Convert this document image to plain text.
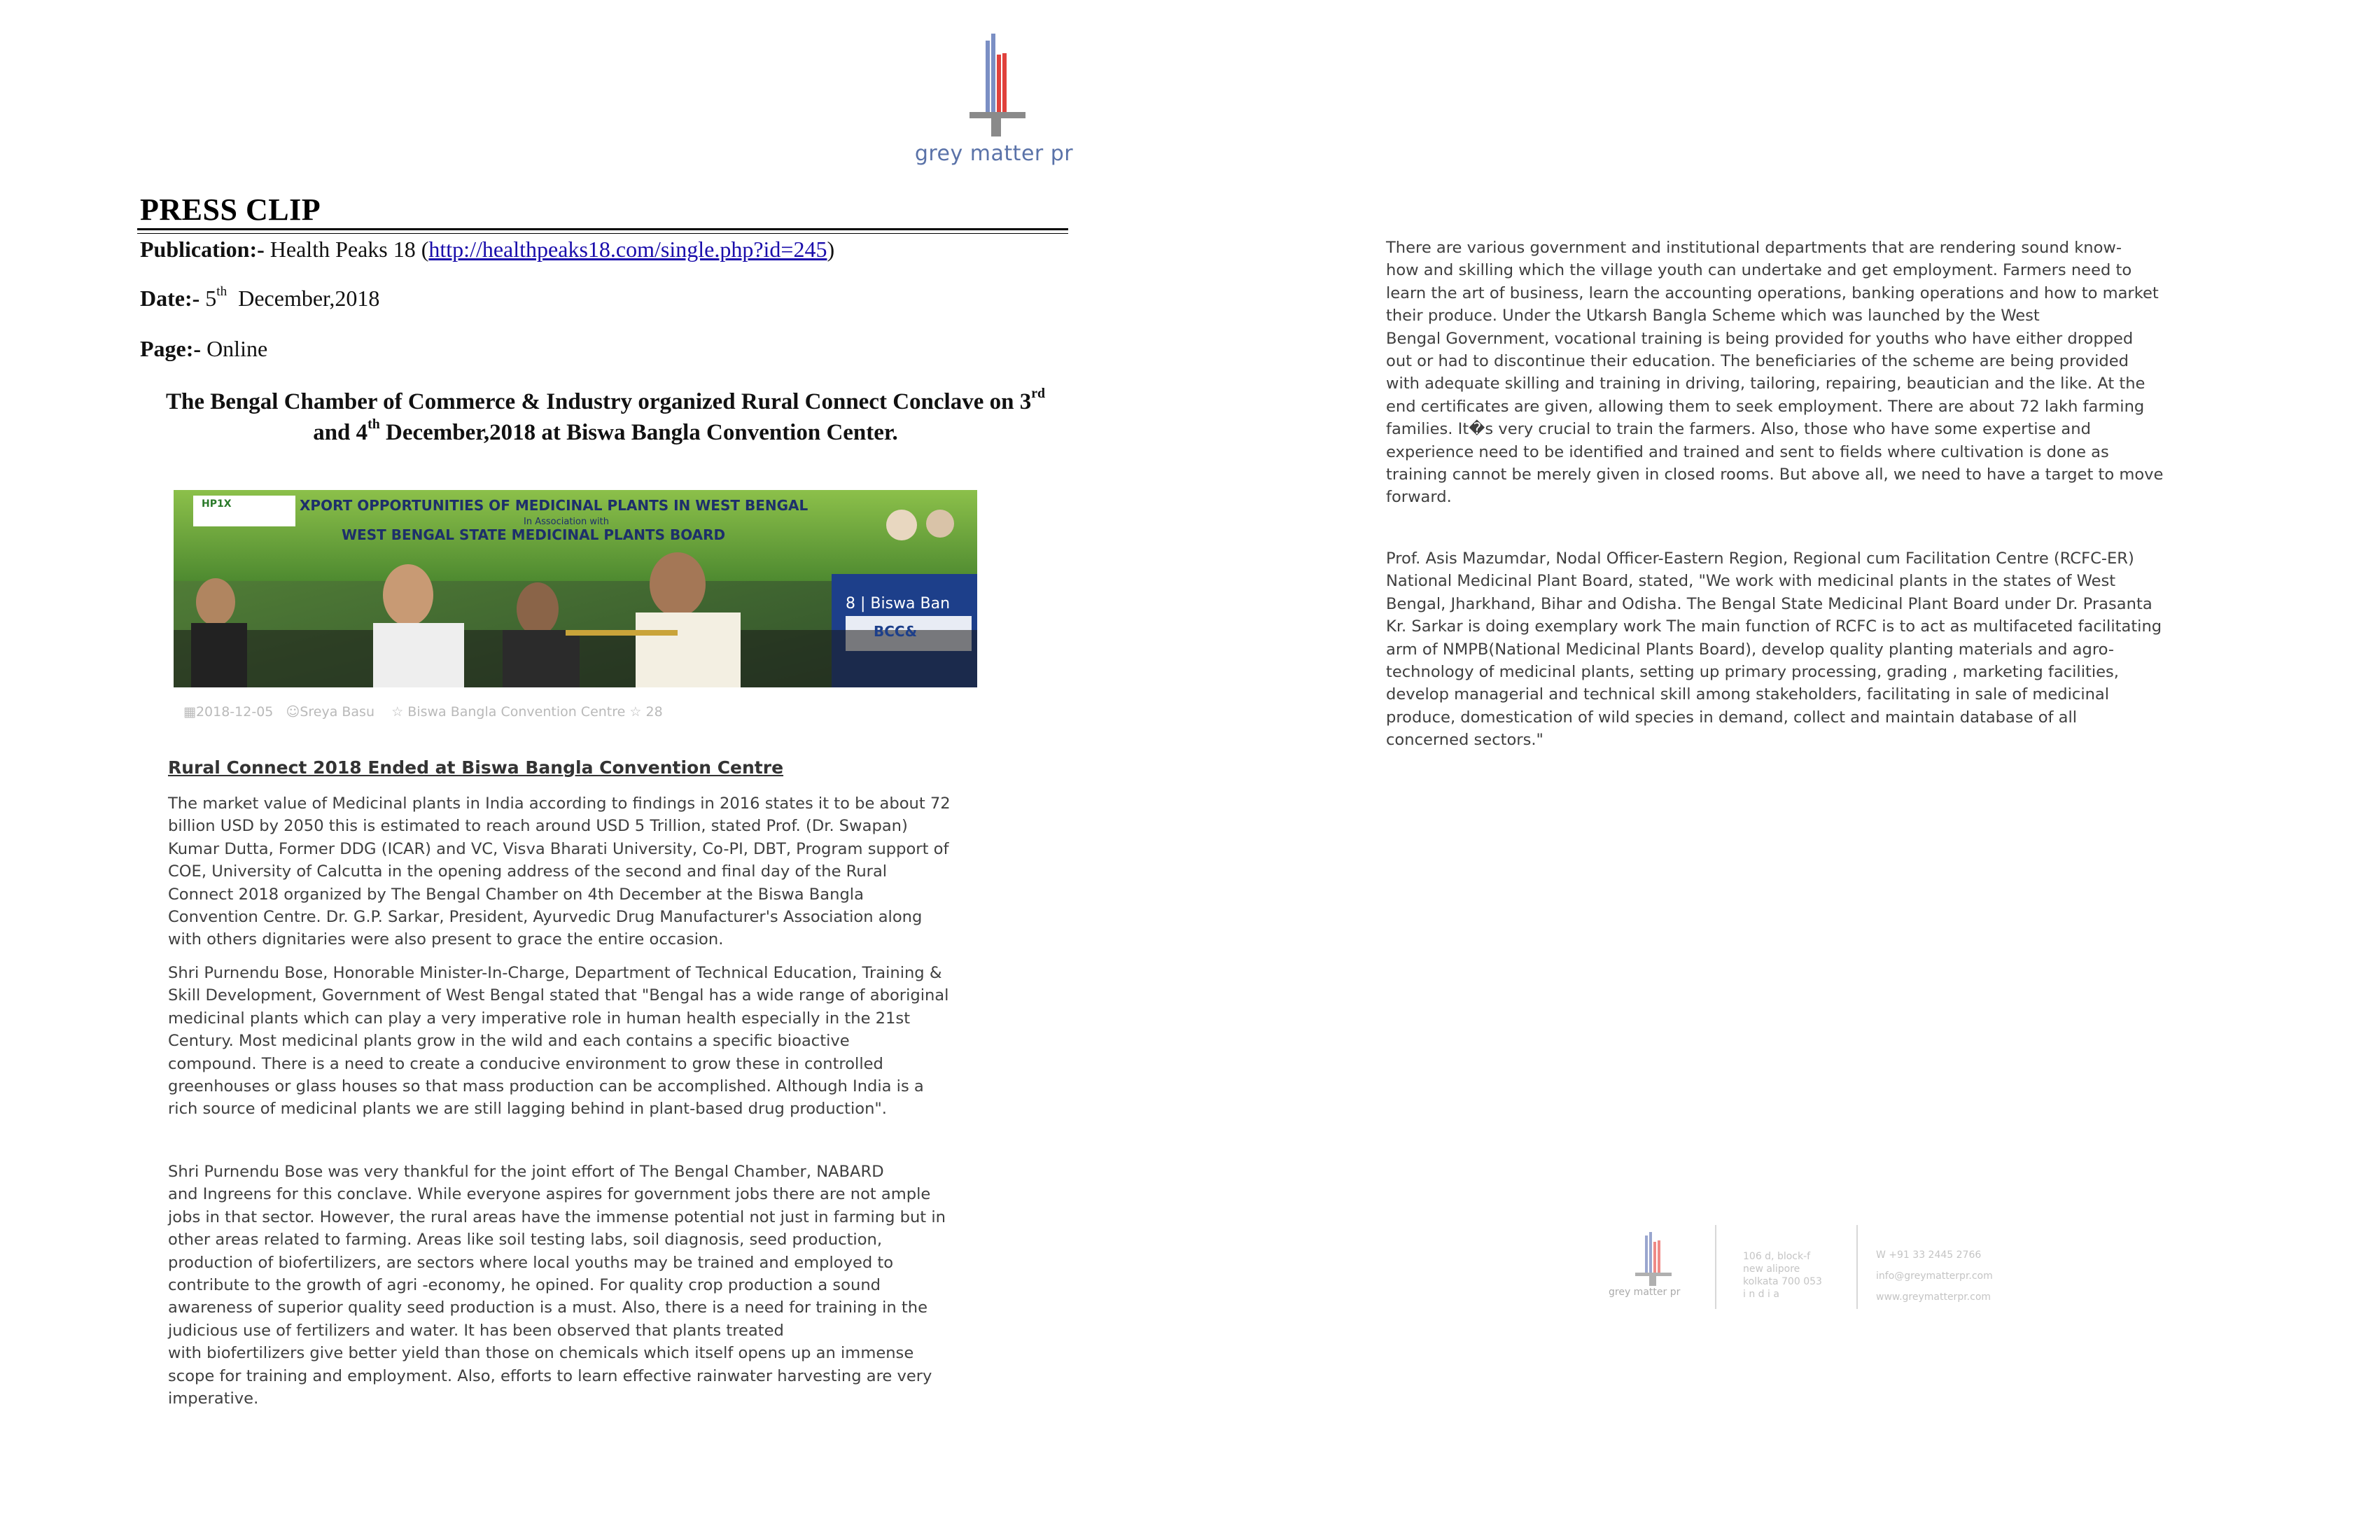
grey matter pr
PRESS CLIP
Publication:- Health Peaks 18 (http://healthpeaks18.com/single.php?id=245)
Date:- 5th December,2018
Page:- Online
The Bengal Chamber of Commerce & Industry organized Rural Connect Conclave on 3rd
and 4th December,2018 at Biswa Bangla Convention Center.
HP1X	XPORT OPPORTUNITIES OF MEDICINAL PLANTS IN WEST BENGAL
In Association with
WEST BENGAL STATE MEDICINAL PLANTS BOARD
8 | Biswa Ban
BCC&
▦2018-12-05 ☺Sreya Basu ☆ Biswa Bangla Convention Centre ☆ 28
Rural Connect 2018 Ended at Biswa Bangla Convention Centre
The market value of Medicinal plants in India according to findings in 2016 states it to be about 72
billion USD by 2050 this is estimated to reach around USD 5 Trillion, stated Prof. (Dr. Swapan)
Kumar Dutta, Former DDG (ICAR) and VC, Visva Bharati University, Co-PI, DBT, Program support of
COE, University of Calcutta in the opening address of the second and final day of the Rural
Connect 2018 organized by The Bengal Chamber on 4th December at the Biswa Bangla
Convention Centre. Dr. G.P. Sarkar, President, Ayurvedic Drug Manufacturer's Association along
with others dignitaries were also present to grace the entire occasion.
Shri Purnendu Bose, Honorable Minister-In-Charge, Department of Technical Education, Training &
Skill Development, Government of West Bengal stated that "Bengal has a wide range of aboriginal
medicinal plants which can play a very imperative role in human health especially in the 21st
Century. Most medicinal plants grow in the wild and each contains a specific bioactive
compound. There is a need to create a conducive environment to grow these in controlled
greenhouses or glass houses so that mass production can be accomplished. Although India is a
rich source of medicinal plants we are still lagging behind in plant-based drug production".
Shri Purnendu Bose was very thankful for the joint effort of The Bengal Chamber, NABARD
and Ingreens for this conclave. While everyone aspires for government jobs there are not ample
jobs in that sector. However, the rural areas have the immense potential not just in farming but in
other areas related to farming. Areas like soil testing labs, soil diagnosis, seed production,
production of biofertilizers, are sectors where local youths may be trained and employed to
contribute to the growth of agri -economy, he opined. For quality crop production a sound
awareness of superior quality seed production is a must. Also, there is a need for training in the
judicious use of fertilizers and water. It has been observed that plants treated
with biofertilizers give better yield than those on chemicals which itself opens up an immense
scope for training and employment. Also, efforts to learn effective rainwater harvesting are very
imperative.
There are various government and institutional departments that are rendering sound know-
how and skilling which the village youth can undertake and get employment. Farmers need to
learn the art of business, learn the accounting operations, banking operations and how to market
their produce. Under the Utkarsh Bangla Scheme which was launched by the West
Bengal Government, vocational training is being provided for youths who have either dropped
out or had to discontinue their education. The beneficiaries of the scheme are being provided
with adequate skilling and training in driving, tailoring, repairing, beautician and the like. At the
end certificates are given, allowing them to seek employment. There are about 72 lakh farming
families. It�s very crucial to train the farmers. Also, those who have some expertise and
experience need to be identified and trained and sent to fields where cultivation is done as
training cannot be merely given in closed rooms. But above all, we need to have a target to move
forward.
Prof. Asis Mazumdar, Nodal Officer-Eastern Region, Regional cum Facilitation Centre (RCFC-ER)
National Medicinal Plant Board, stated, "We work with medicinal plants in the states of West
Bengal, Jharkhand, Bihar and Odisha. The Bengal State Medicinal Plant Board under Dr. Prasanta
Kr. Sarkar is doing exemplary work The main function of RCFC is to act as multifaceted facilitating
arm of NMPB(National Medicinal Plants Board), develop quality planting materials and agro-
technology of medicinal plants, setting up primary processing, grading , marketing facilities,
develop managerial and technical skill among stakeholders, facilitating in sale of medicinal
produce, domestication of wild species in demand, collect and maintain database of all
concerned sectors."
grey matter pr
106 d, block-f
new alipore
kolkata 700 053
i n d i a
W +91 33 2445 2766

info@greymatterpr.com

www.greymatterpr.com
